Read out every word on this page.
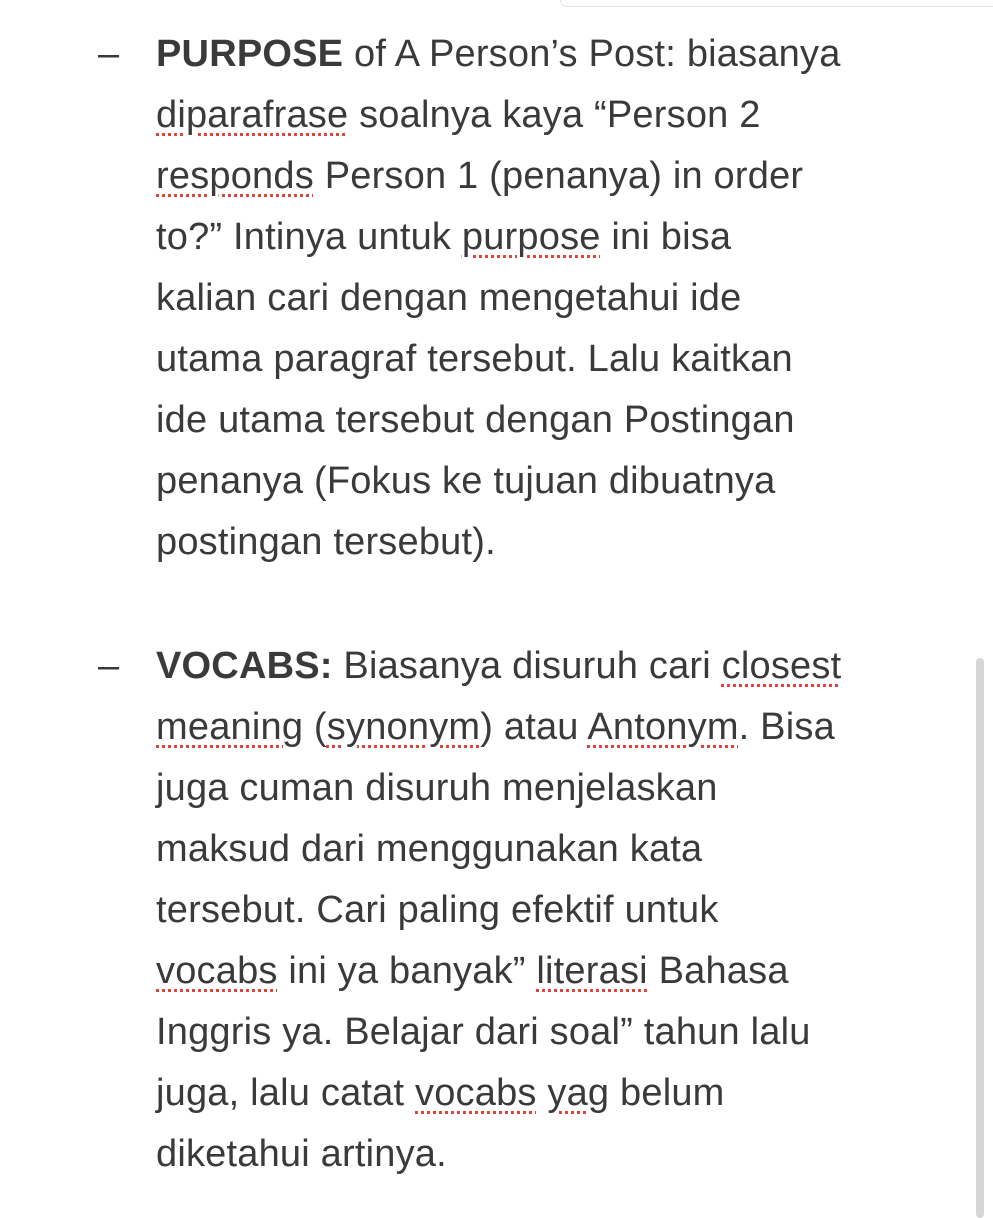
– PURPOSE of A Person’s Post: biasanya
diparafrase soalnya kaya “Person 2
responds Person 1 (penanya) in order
to?” Intinya untuk purpose ini bisa
kalian cari dengan mengetahui ide
utama paragraf tersebut. Lalu kaitkan
ide utama tersebut dengan Postingan
penanya (Fokus ke tujuan dibuatnya
postingan tersebut).
– VOCABS: Biasanya disuruh cari closest
meaning (synonym) atau Antonym. Bisa
juga cuman disuruh menjelaskan
maksud dari menggunakan kata
tersebut. Cari paling efektif untuk
vocabs ini ya banyak” literasi Bahasa
Inggris ya. Belajar dari soal” tahun lalu
juga, lalu catat vocabs yag belum
diketahui artinya.
